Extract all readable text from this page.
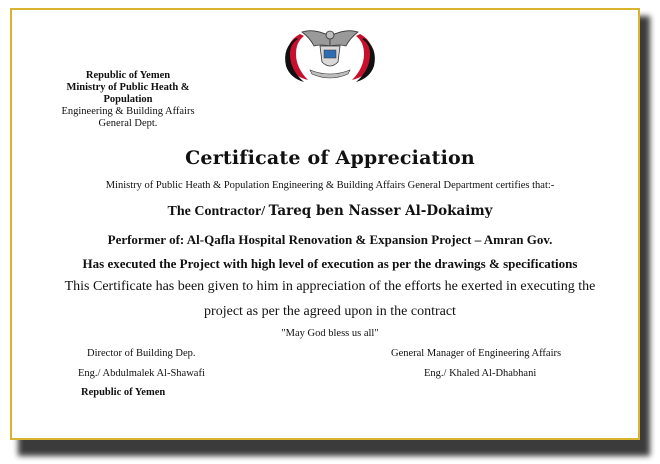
Republic of Yemen
Ministry of Public Heath &
Population
Engineering & Building Affairs
General Dept.
Certificate of Appreciation
Ministry of Public Heath & Population Engineering & Building Affairs General Department certifies that:-
The Contractor/ Tareq ben Nasser Al-Dokaimy
Performer of: Al-Qafla Hospital Renovation & Expansion Project – Amran Gov.
Has executed the Project with high level of execution as per the drawings & specifications
This Certificate has been given to him in appreciation of the efforts he exerted in executing the
project as per the agreed upon in the contract
"May God bless us all"
Director of Building Dep.
Eng./ Abdulmalek Al-Shawafi
Republic of Yemen
General Manager of Engineering Affairs
Eng./ Khaled Al-Dhabhani
